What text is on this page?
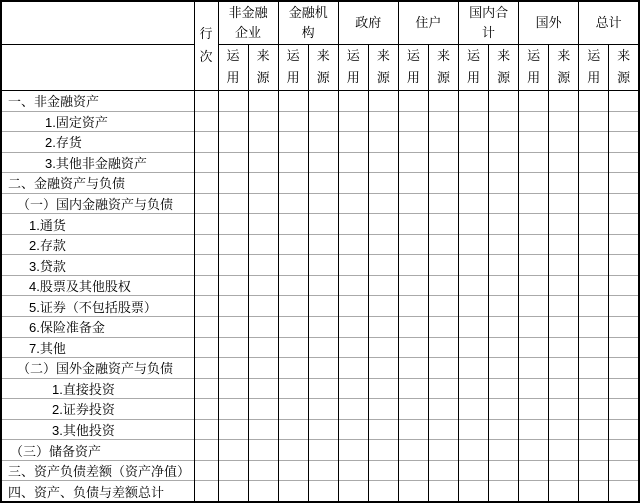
	行次	非金融企业		金融机构		政府		住户		国内合计		国外		总计	
		运用	来源	运用	来源	运用	来源	运用	来源	运用	来源	运用	来源	运用	来源
一、非金融资产															
1.固定资产															
2.存货															
3.其他非金融资产															
二、金融资产与负债															
（一）国内金融资产与负债															
1.通货															
2.存款															
3.贷款															
4.股票及其他股权															
5.证券（不包括股票）															
6.保险准备金															
7.其他															
（二）国外金融资产与负债															
1.直接投资															
2.证券投资															
3.其他投资															
（三）储备资产															
三、资产负债差额（资产净值）															
四、资产、负债与差额总计															
